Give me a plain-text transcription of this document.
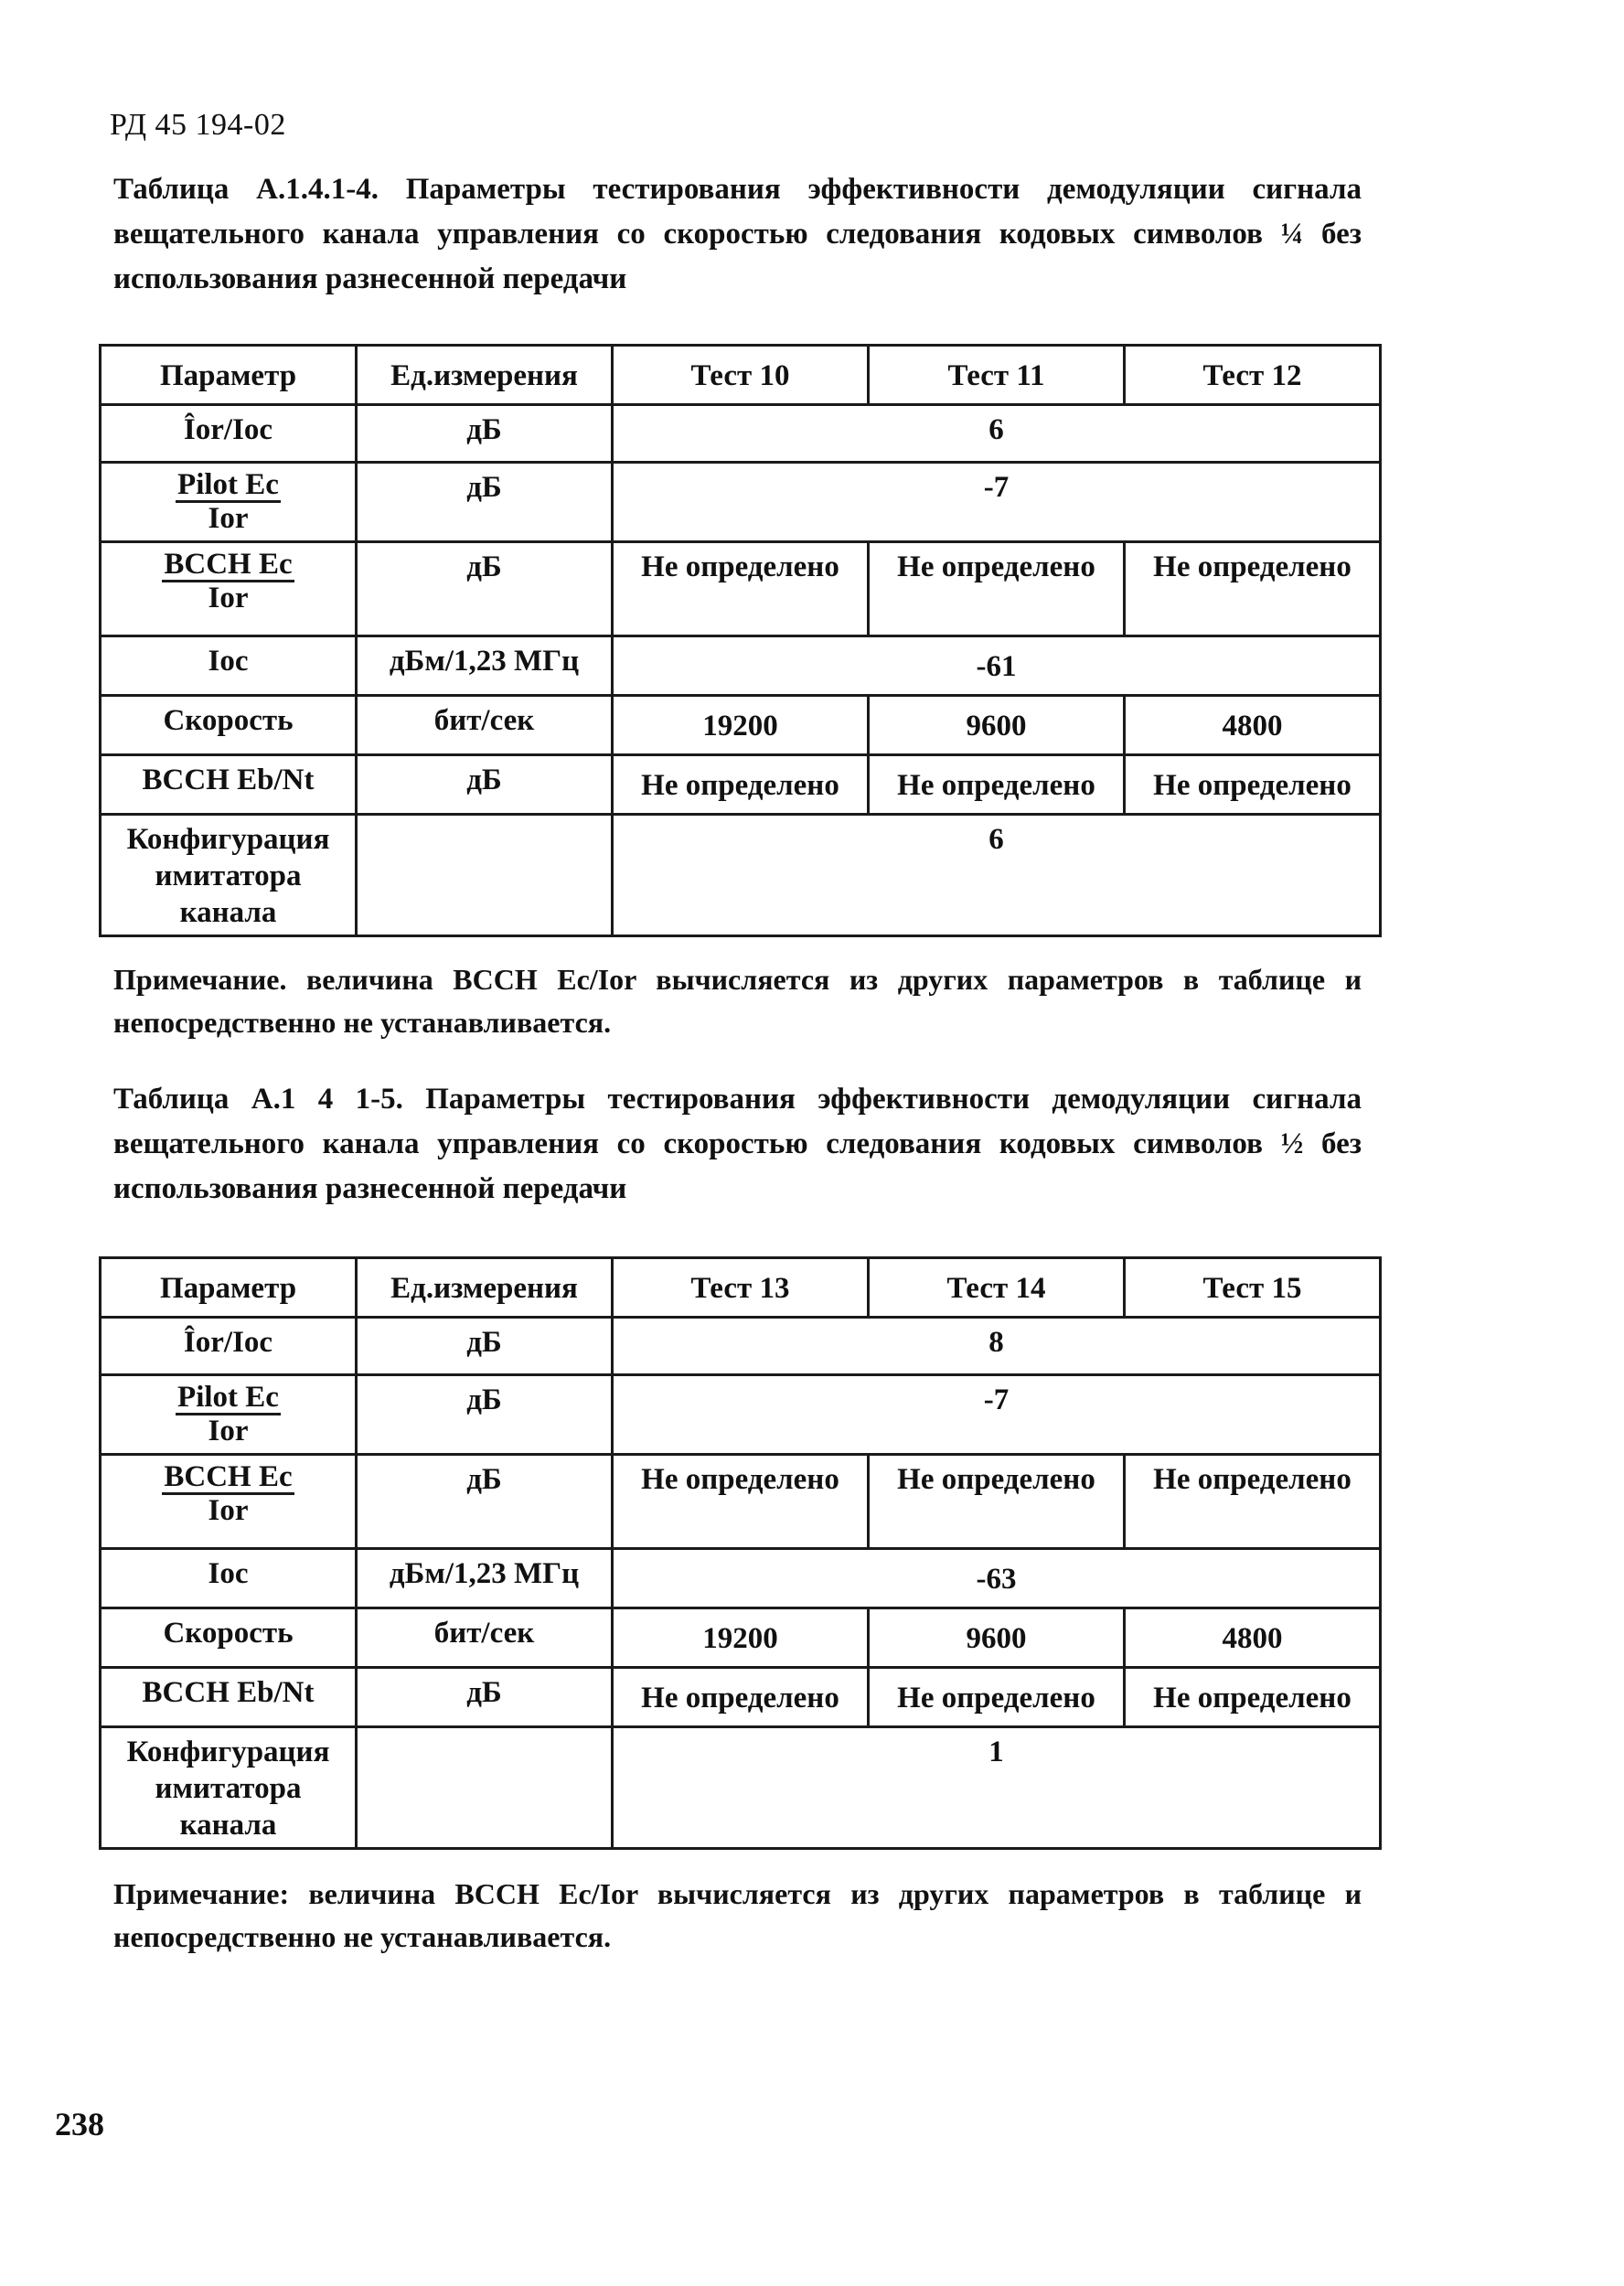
РД 45 194-02
Таблица А.1.4.1-4. Параметры тестирования эффективности демодуляции сигнала вещательного канала управления со скоростью следования кодовых символов ¼ без использования разнесенной передачи
Параметр	Ед.измерения	Тест 10	Тест 11	Тест 12
Îor/Ioc	дБ	6		

$\frac{\text{Pilot Ec}}{\text{Ior}}$	дБ	-7		

$\frac{\text{BCCH Ec}}{\text{Ior}}$	дБ	Не определено	Не определено	Не определено
Ioc	дБм/1,23 МГц	-61		
Скорость	бит/сек	19200	9600	4800
BCCH Eb/Nt	дБ	Не определено	Не определено	Не определено
Конфигурация имитатора канала		6		
Примечание. величина BCCH Ec/Ior вычисляется из других параметров в таблице и непосредственно не устанавливается.
Таблица А.1 4 1-5. Параметры тестирования эффективности демодуляции сигнала вещательного канала управления со скоростью следования кодовых символов ½ без использования разнесенной передачи
Параметр	Ед.измерения	Тест 13	Тест 14	Тест 15
Îor/Ioc	дБ	8		

$\frac{\text{Pilot Ec}}{\text{Ior}}$	дБ	-7		

$\frac{\text{BCCH Ec}}{\text{Ior}}$	дБ	Не определено	Не определено	Не определено
Ioc	дБм/1,23 МГц	-63		
Скорость	бит/сек	19200	9600	4800
BCCH Eb/Nt	дБ	Не определено	Не определено	Не определено
Конфигурация имитатора канала		1		
Примечание: величина BCCH Ec/Ior вычисляется из других параметров в таблице и непосредственно не устанавливается.
238
